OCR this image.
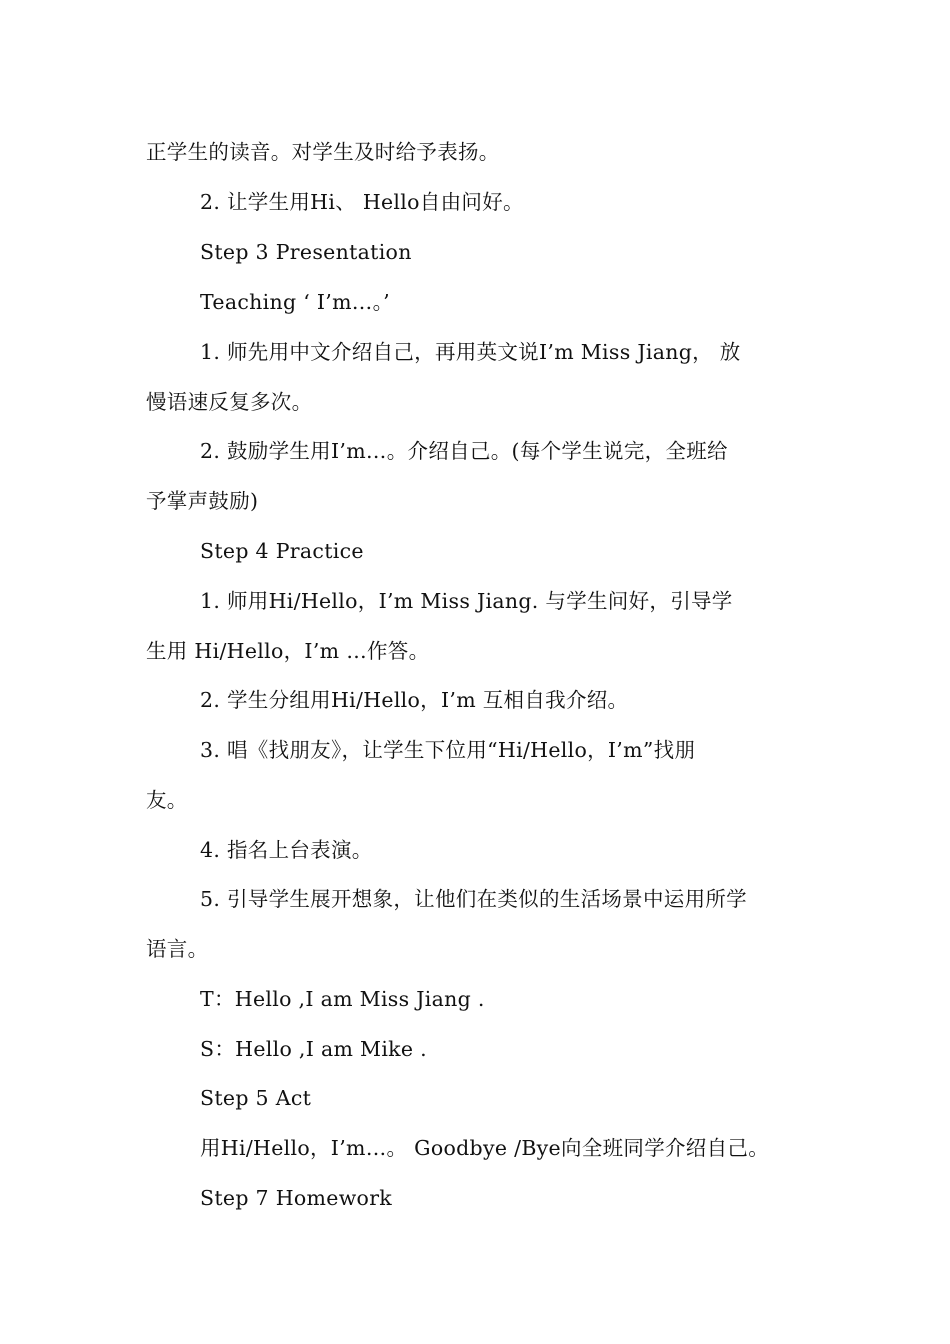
正学生的读音。对学生及时给予表扬。
2. 让学生用Hi、 Hello自由问好。
Step 3 Presentation
Teaching ‘ I’m…。’
1. 师先用中文介绍自己，再用英文说I’m Miss Jiang， 放
慢语速反复多次。
2. 鼓励学生用I’m…。介绍自己。(每个学生说完，全班给
予掌声鼓励)
Step 4 Practice
1. 师用Hi/Hello，I’m Miss Jiang. 与学生问好，引导学
生用 Hi/Hello，I’m …作答。
2. 学生分组用Hi/Hello，I’m 互相自我介绍。
3. 唱《找朋友》，让学生下位用“Hi/Hello，I’m”找朋
友。
4. 指名上台表演。
5. 引导学生展开想象，让他们在类似的生活场景中运用所学
语言。
T：Hello ,I am Miss Jiang .
S：Hello ,I am Mike .
Step 5 Act
用Hi/Hello，I’m…。 Goodbye /Bye向全班同学介绍自己。
Step 7 Homework
